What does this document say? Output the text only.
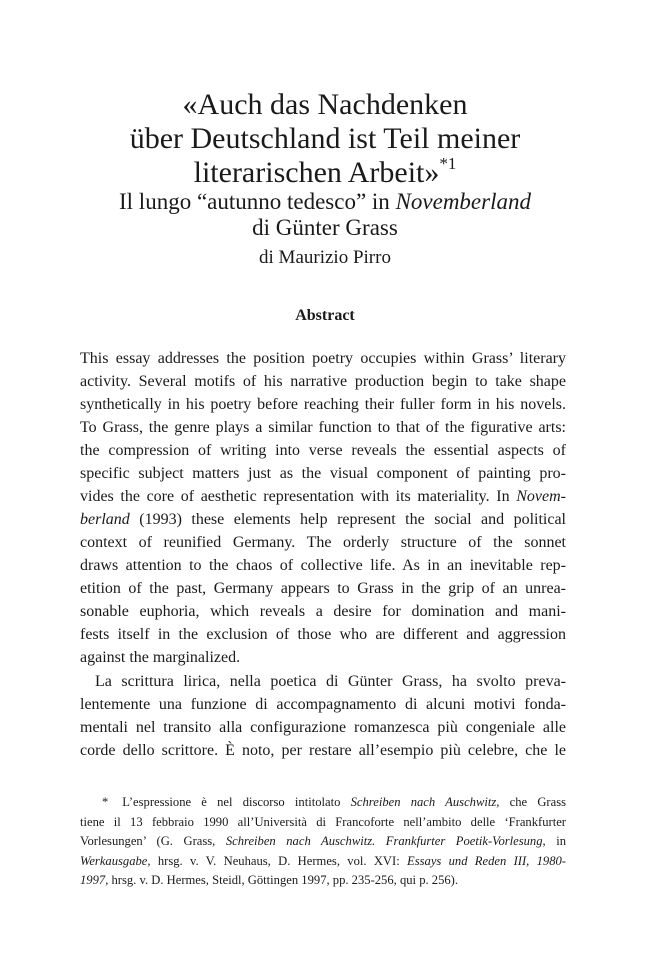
«Auch das Nachdenken
über Deutschland ist Teil meiner
literarischen Arbeit»$^{*1}$
Il lungo “autunno tedesco” in Novemberland
di Günter Grass
di Maurizio Pirro
Abstract
This essay addresses the position poetry occupies within Grass’ literary
activity. Several motifs of his narrative production begin to take shape
synthetically in his poetry before reaching their fuller form in his novels.
To Grass, the genre plays a similar function to that of the figurative arts:
the compression of writing into verse reveals the essential aspects of
specific subject matters just as the visual component of painting pro-
vides the core of aesthetic representation with its materiality. In Novem-
berland (1993) these elements help represent the social and political
context of reunified Germany. The orderly structure of the sonnet
draws attention to the chaos of collective life. As in an inevitable rep-
etition of the past, Germany appears to Grass in the grip of an unrea-
sonable euphoria, which reveals a desire for domination and mani-
fests itself in the exclusion of those who are different and aggression
against the marginalized.
La scrittura lirica, nella poetica di Günter Grass, ha svolto preva-
lentemente una funzione di accompagnamento di alcuni motivi fonda-
mentali nel transito alla configurazione romanzesca più congeniale alle
corde dello scrittore. È noto, per restare all’esempio più celebre, che le
* L’espressione è nel discorso intitolato Schreiben nach Auschwitz, che Grass
tiene il 13 febbraio 1990 all’Università di Francoforte nell’ambito delle ‘Frankfurter
Vorlesungen’ (G. Grass, Schreiben nach Auschwitz. Frankfurter Poetik-Vorlesung, in
Werkausgabe, hrsg. v. V. Neuhaus, D. Hermes, vol. XVI: Essays und Reden III, 1980-
1997, hrsg. v. D. Hermes, Steidl, Göttingen 1997, pp. 235-256, qui p. 256).
